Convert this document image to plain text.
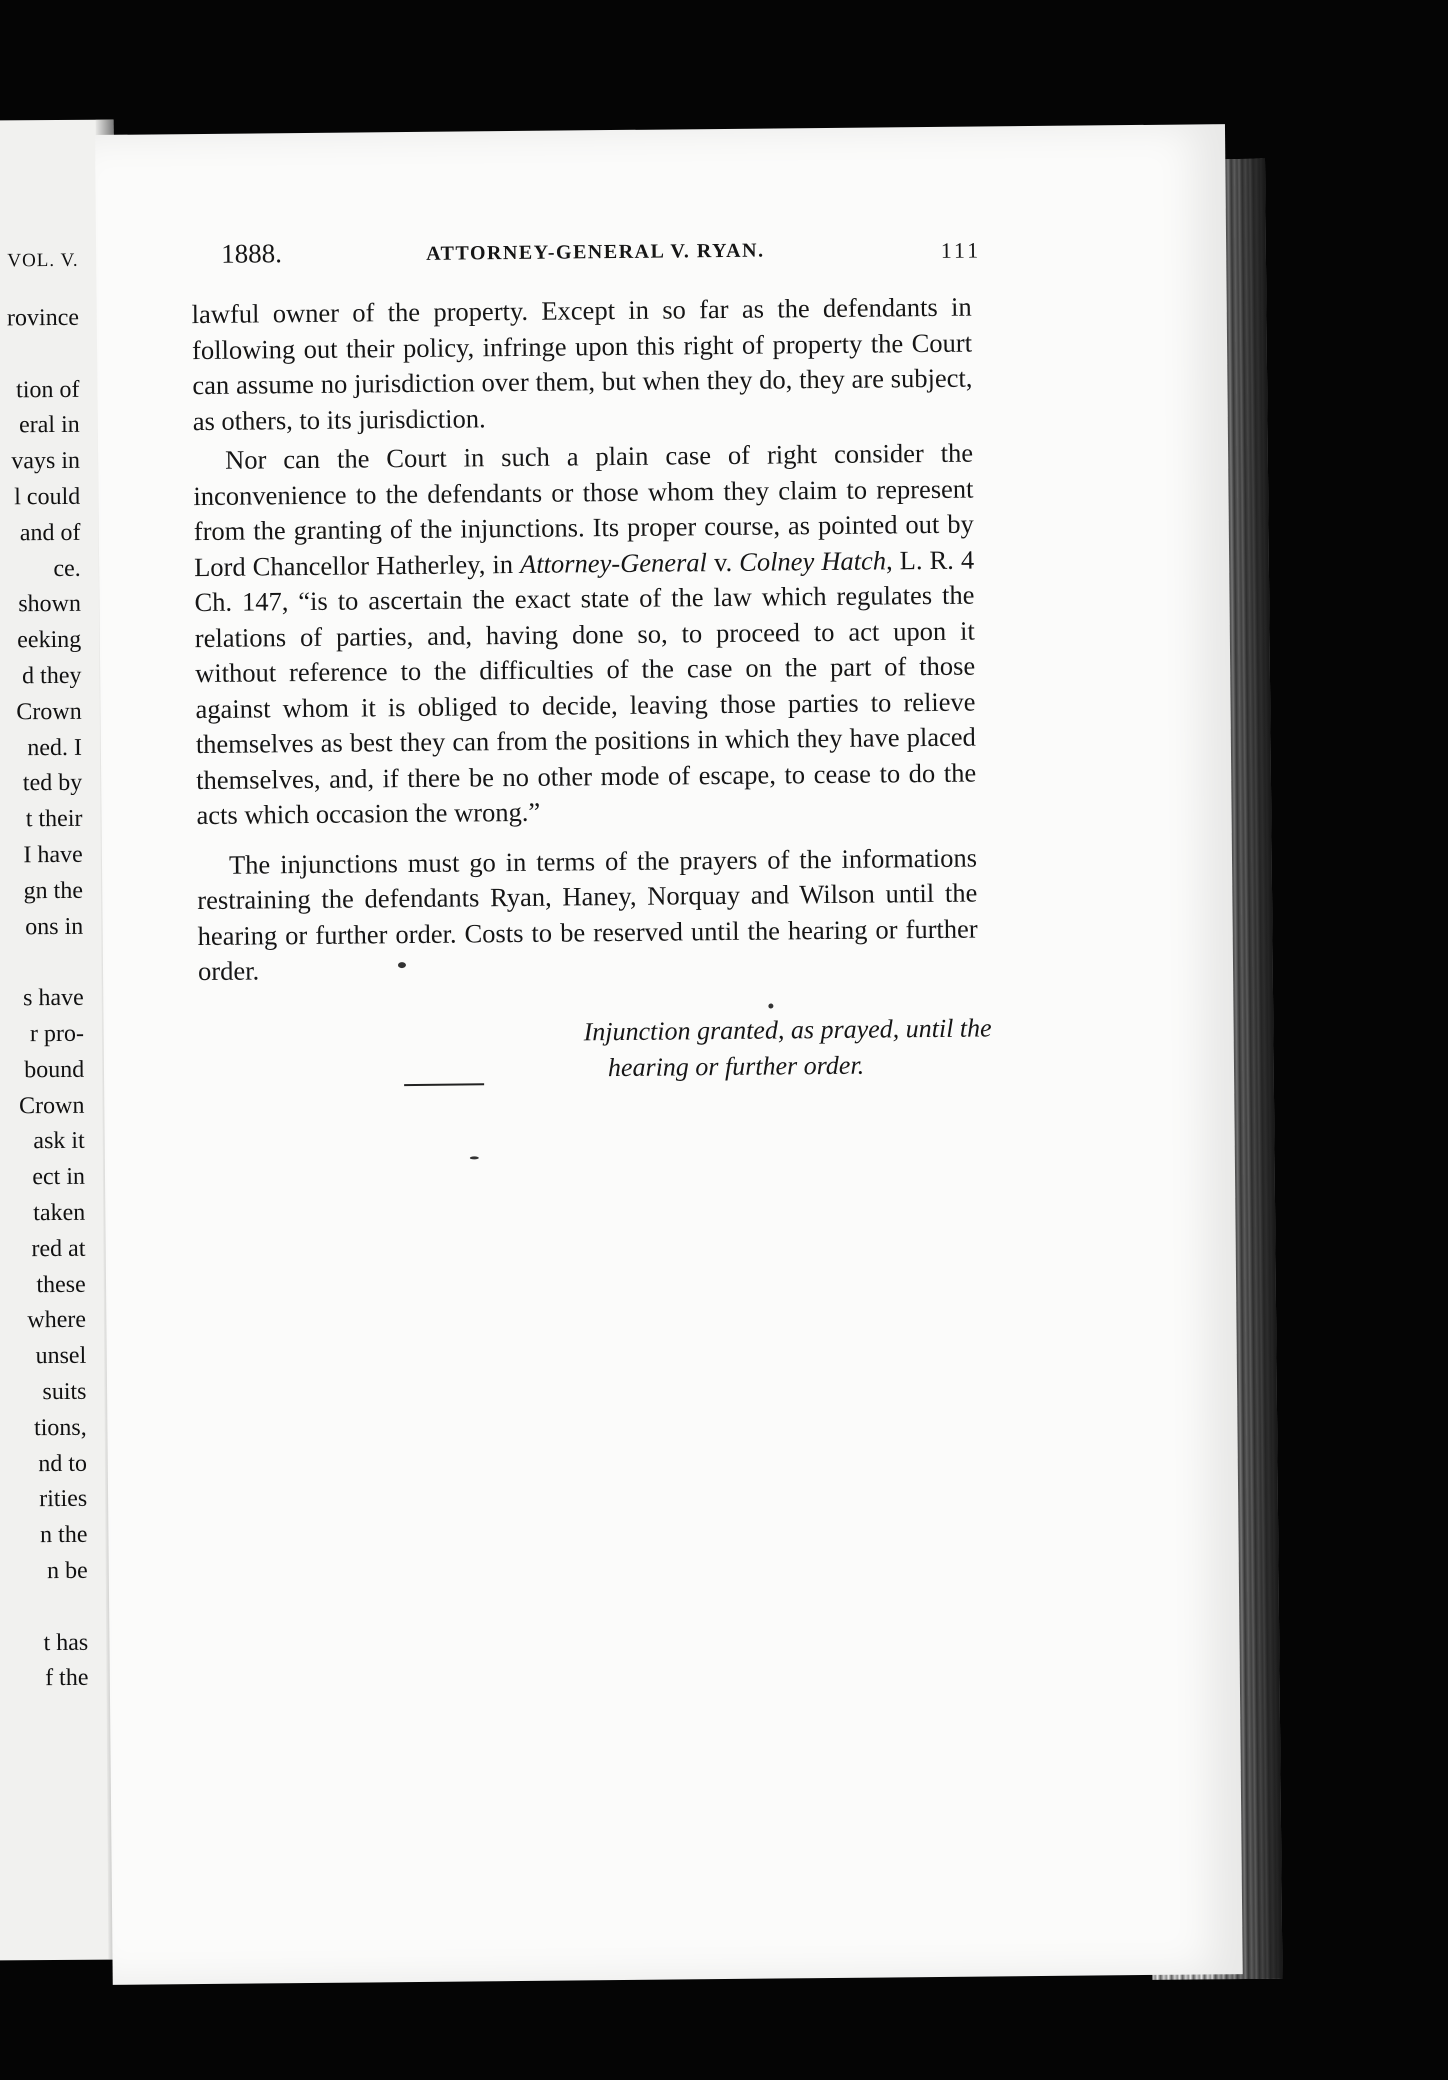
VOL. V.
rovince
tion of
eral in
vays in
l could
and of
ce.
shown
eeking
d they
Crown
ned. I
ted by
t their
I have
gn the
ons in
s have
r pro-
bound
Crown
ask it
ect in
taken
red at
these
where
unsel
suits
tions,
nd to
rities
n the
n be
t has
f the
1888.	ATTORNEY-GENERAL V. RYAN.	111

lawful owner of the property. Except in so far as the defendants in following out their policy, infringe upon this right of property the Court can assume no jurisdiction over them, but when they do, they are subject, as others, to its jurisdiction.

Nor can the Court in such a plain case of right consider the inconvenience to the defendants or those whom they claim to represent from the granting of the injunctions. Its proper course, as pointed out by Lord Chancellor Hatherley, in Attorney-General v. Colney Hatch, L. R. 4 Ch. 147, “is to ascertain the exact state of the law which regulates the relations of parties, and, having done so, to proceed to act upon it without reference to the difficulties of the case on the part of those against whom it is obliged to decide, leaving those parties to relieve themselves as best they can from the positions in which they have placed themselves, and, if there be no other mode of escape, to cease to do the acts which occasion the wrong.”

The injunctions must go in terms of the prayers of the informations restraining the defendants Ryan, Haney, Norquay and Wilson until the hearing or further order. Costs to be reserved until the hearing or further order.

Injunction granted, as prayed, until the hearing or further order.
